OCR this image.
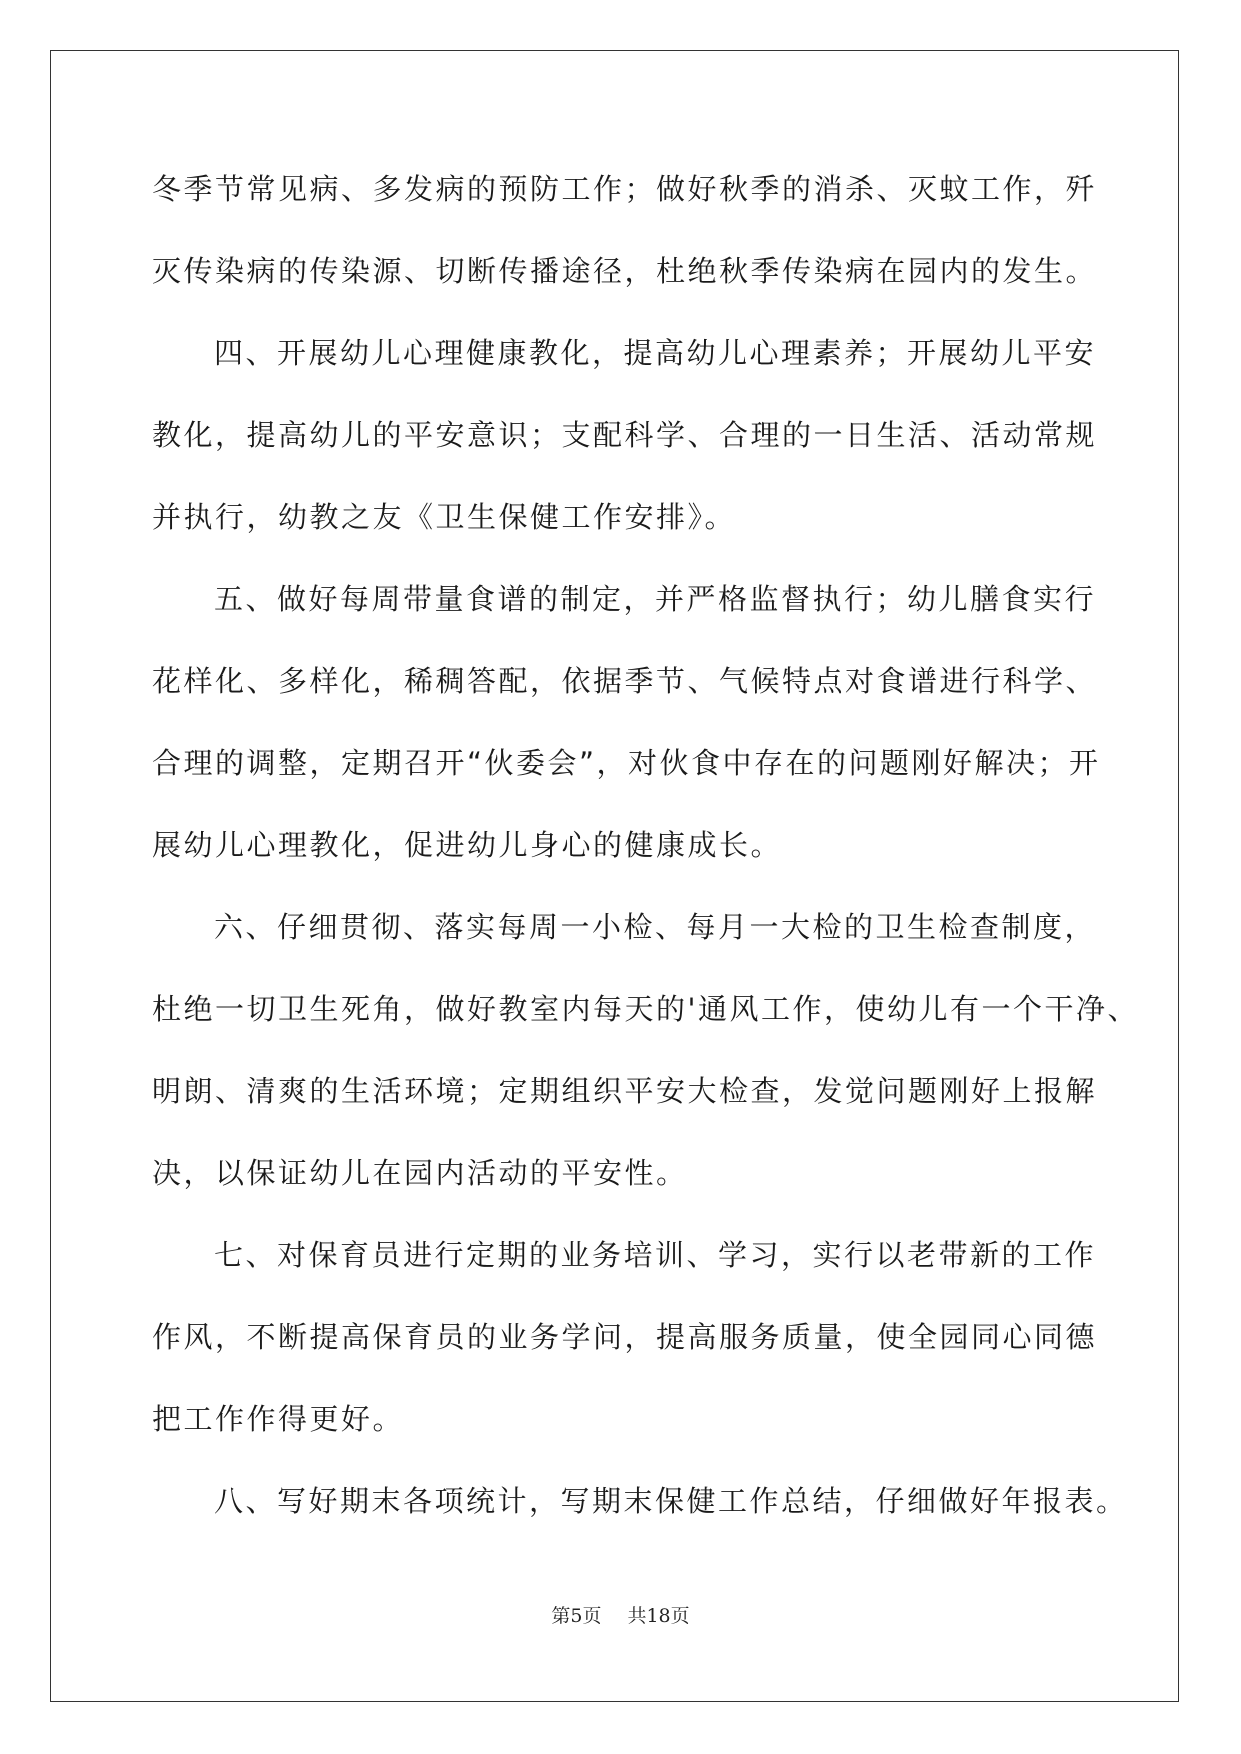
冬季节常见病、多发病的预防工作；做好秋季的消杀、灭蚊工作，歼
灭传染病的传染源、切断传播途径，杜绝秋季传染病在园内的发生。

四、开展幼儿心理健康教化，提高幼儿心理素养；开展幼儿平安
教化，提高幼儿的平安意识；支配科学、合理的一日生活、活动常规
并执行，幼教之友《卫生保健工作安排》。

五、做好每周带量食谱的制定，并严格监督执行；幼儿膳食实行
花样化、多样化，稀稠答配，依据季节、气候特点对食谱进行科学、
合理的调整，定期召开“伙委会”，对伙食中存在的问题刚好解决；开
展幼儿心理教化，促进幼儿身心的健康成长。

六、仔细贯彻、落实每周一小检、每月一大检的卫生检查制度，
杜绝一切卫生死角，做好教室内每天的'通风工作，使幼儿有一个干净、
明朗、清爽的生活环境；定期组织平安大检查，发觉问题刚好上报解
决，以保证幼儿在园内活动的平安性。

七、对保育员进行定期的业务培训、学习，实行以老带新的工作
作风，不断提高保育员的业务学问，提高服务质量，使全园同心同德
把工作作得更好。

八、写好期末各项统计，写期末保健工作总结，仔细做好年报表。

第5页 共18页
